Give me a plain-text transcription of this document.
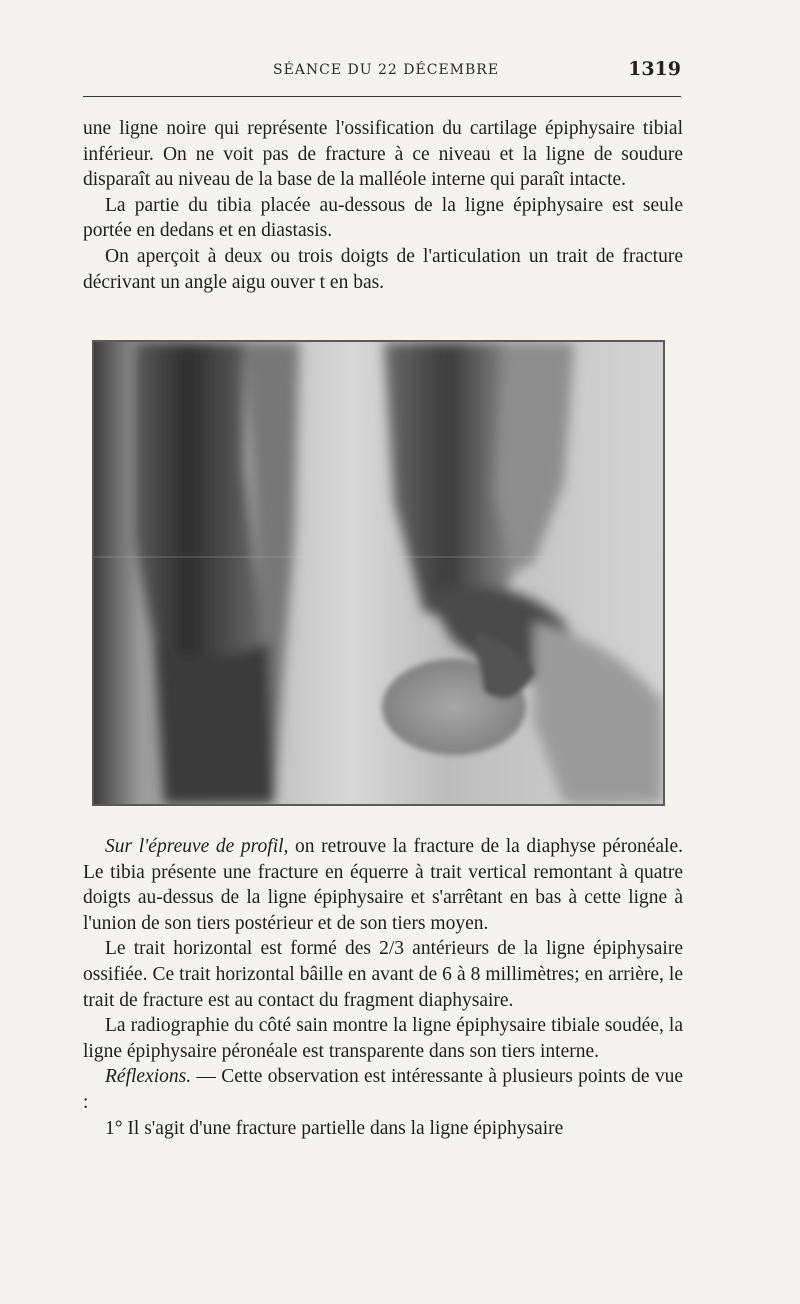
SÉANCE DU 22 DÉCEMBRE	1319

une ligne noire qui représente l'ossification du cartilage épiphysaire tibial inférieur. On ne voit pas de fracture à ce niveau et la ligne de soudure disparaît au niveau de la base de la malléole interne qui paraît intacte.

La partie du tibia placée au-dessous de la ligne épiphysaire est seule portée en dedans et en diastasis.

On aperçoit à deux ou trois doigts de l'articulation un trait de fracture décrivant un angle aigu ouver t en bas.

Sur l'épreuve de profil, on retrouve la fracture de la diaphyse péronéale. Le tibia présente une fracture en équerre à trait vertical remontant à quatre doigts au-dessus de la ligne épiphysaire et s'arrêtant en bas à cette ligne à l'union de son tiers postérieur et de son tiers moyen.

Le trait horizontal est formé des 2/3 antérieurs de la ligne épiphysaire ossifiée. Ce trait horizontal bâille en avant de 6 à 8 millimètres; en arrière, le trait de fracture est au contact du fragment diaphysaire.

La radiographie du côté sain montre la ligne épiphysaire tibiale soudée, la ligne épiphysaire péronéale est transparente dans son tiers interne.

Réflexions. — Cette observation est intéressante à plusieurs points de vue :

1° Il s'agit d'une fracture partielle dans la ligne épiphysaire
